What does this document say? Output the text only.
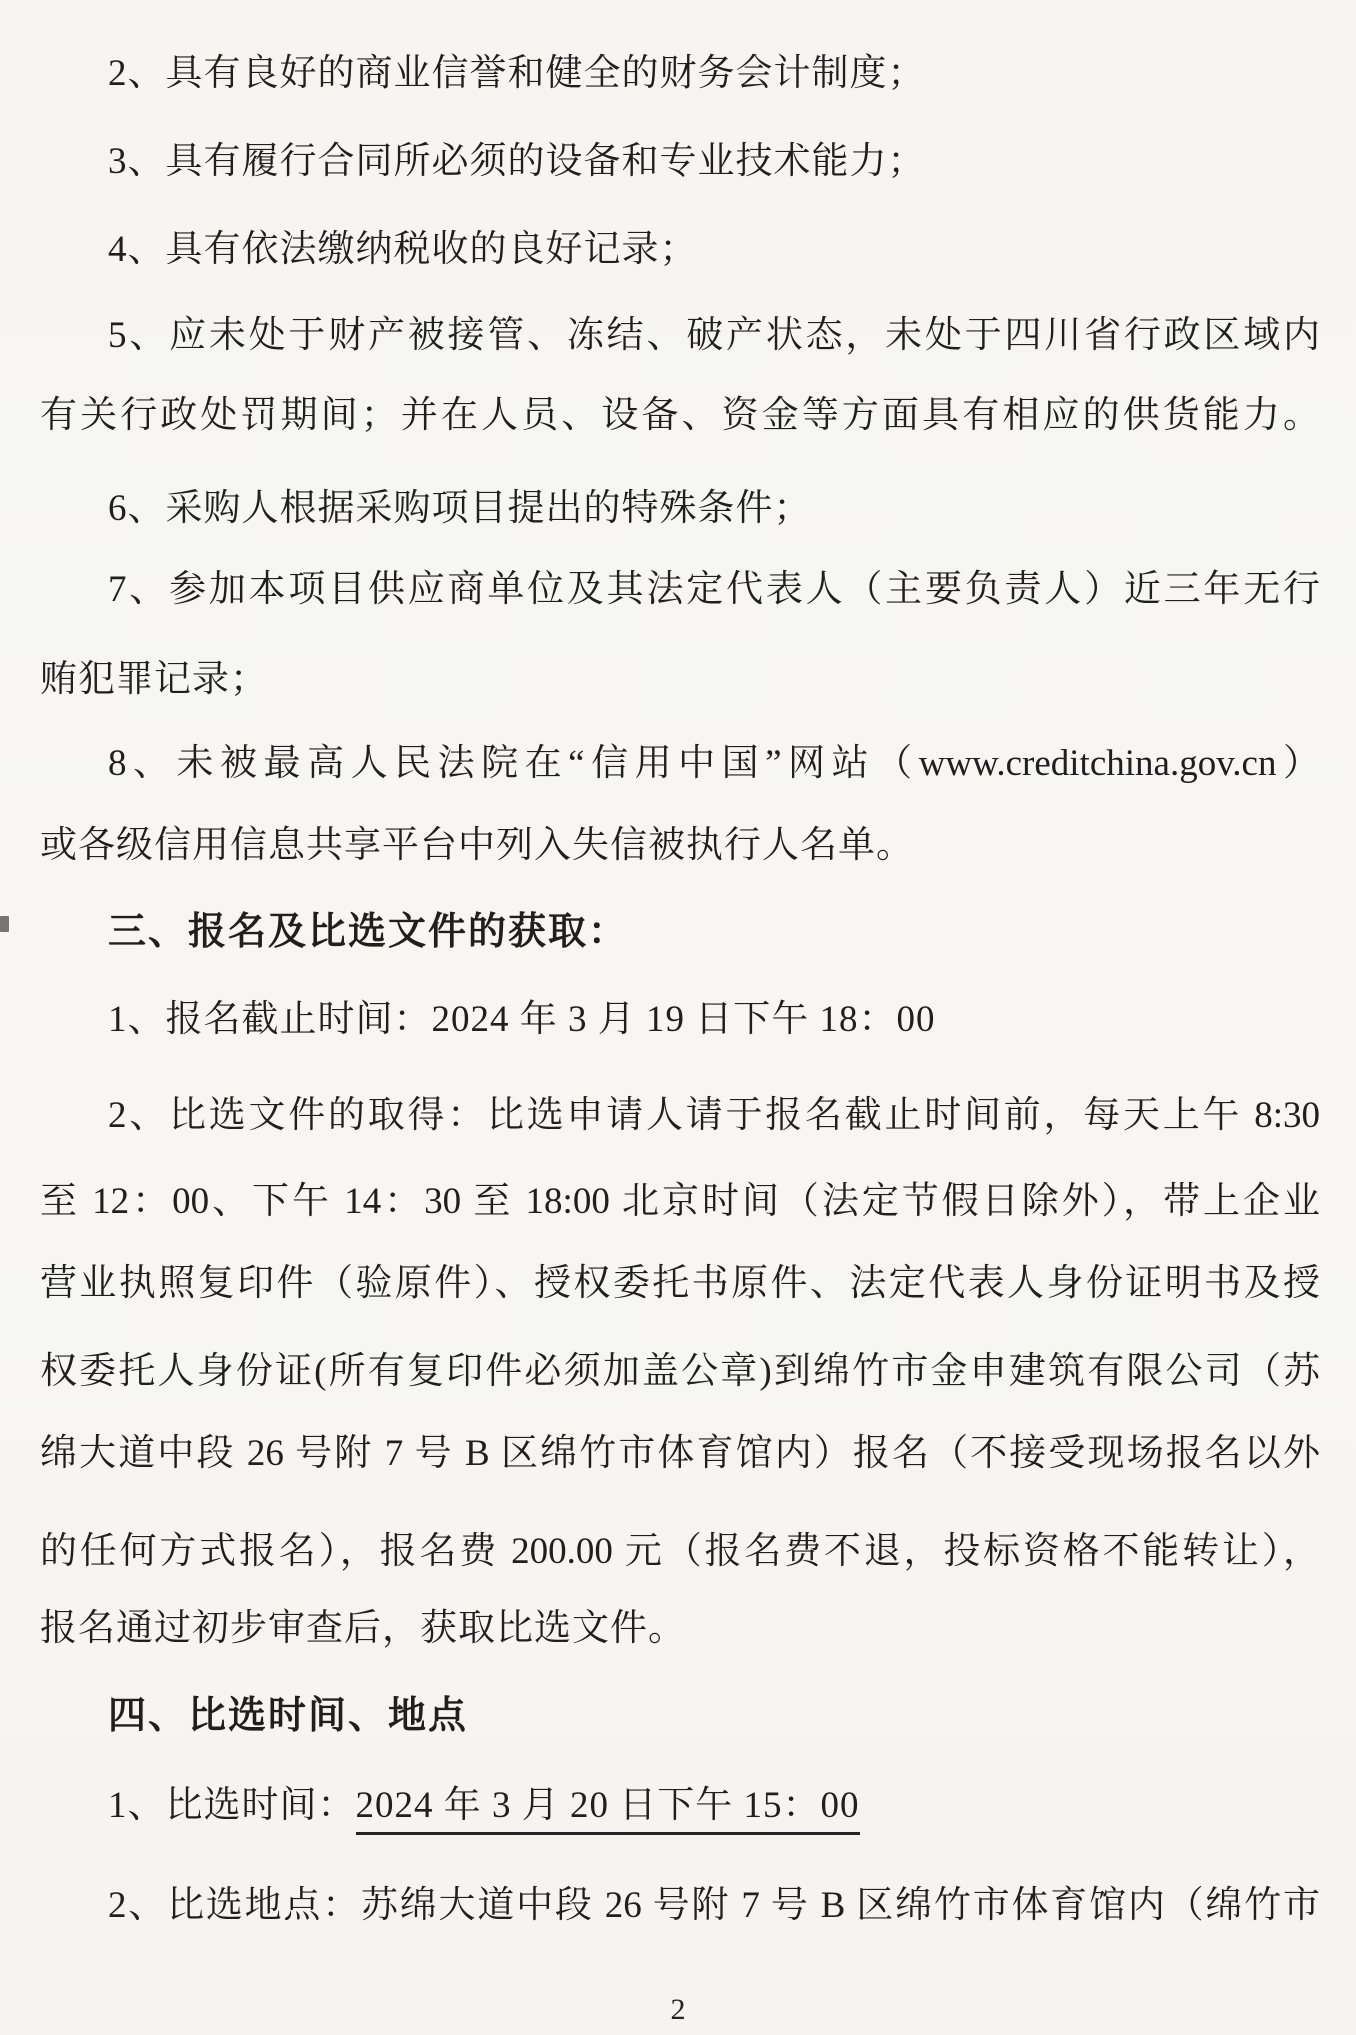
2、具有良好的商业信誉和健全的财务会计制度；
3、具有履行合同所必须的设备和专业技术能力；
4、具有依法缴纳税收的良好记录；
5、应未处于财产被接管、冻结、破产状态，未处于四川省行政区域内
有关行政处罚期间；并在人员、设备、资金等方面具有相应的供货能力。
6、采购人根据采购项目提出的特殊条件；
7、参加本项目供应商单位及其法定代表人（主要负责人）近三年无行
贿犯罪记录；
8、未被最高人民法院在“信用中国”网站（www.creditchina.gov.cn）
或各级信用信息共享平台中列入失信被执行人名单。
三、报名及比选文件的获取：
1、报名截止时间：2024 年 3 月 19 日下午 18：00
2、比选文件的取得：比选申请人请于报名截止时间前，每天上午 8:30
至 12：00、下午 14：30 至 18:00 北京时间（法定节假日除外），带上企业
营业执照复印件（验原件）、授权委托书原件、法定代表人身份证明书及授
权委托人身份证(所有复印件必须加盖公章)到绵竹市金申建筑有限公司（苏
绵大道中段 26 号附 7 号 B 区绵竹市体育馆内）报名（不接受现场报名以外
的任何方式报名），报名费 200.00 元（报名费不退，投标资格不能转让），
报名通过初步审查后，获取比选文件。
四、比选时间、地点
1、比选时间：2024 年 3 月 20 日下午 15：00
2、比选地点：苏绵大道中段 26 号附 7 号 B 区绵竹市体育馆内（绵竹市
2
